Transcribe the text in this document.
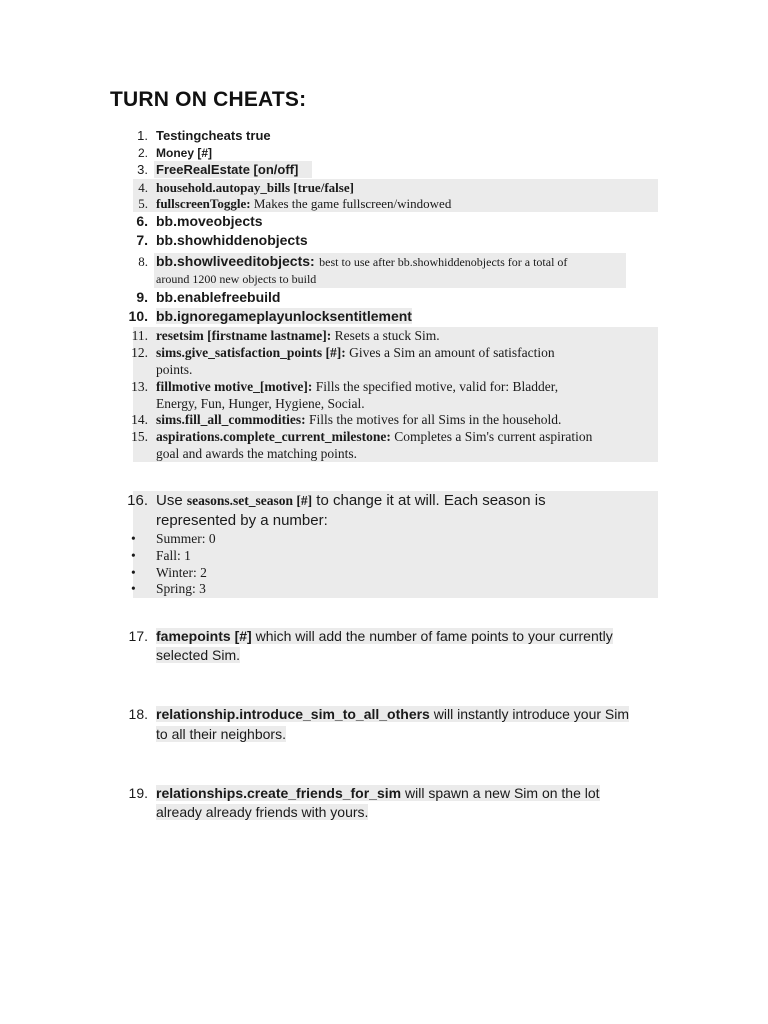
TURN ON CHEATS:
1. Testingcheats true
2. Money [#]
3. FreeRealEstate [on/off]
4. household.autopay_bills [true/false]
5. fullscreenToggle: Makes the game fullscreen/windowed
6. bb.moveobjects
7. bb.showhiddenobjects
8. bb.showliveeditobjects: best to use after bb.showhiddenobjects for a total of
around 1200 new objects to build
9. bb.enablefreebuild
10. bb.ignoregameplayunlocksentitlement
11. resetsim [firstname lastname]: Resets a stuck Sim.
12. sims.give_satisfaction_points [#]: Gives a Sim an amount of satisfaction
points.
13. fillmotive motive_[motive]: Fills the specified motive, valid for: Bladder,
Energy, Fun, Hunger, Hygiene, Social.
14. sims.fill_all_commodities: Fills the motives for all Sims in the household.
15. aspirations.complete_current_milestone: Completes a Sim's current aspiration
goal and awards the matching points.
16. Use seasons.set_season [#] to change it at will. Each season is
represented by a number:
• Summer: 0
• Fall: 1
• Winter: 2
• Spring: 3
17. famepoints [#] which will add the number of fame points to your currently
selected Sim.
18. relationship.introduce_sim_to_all_others will instantly introduce your Sim
to all their neighbors.
19. relationships.create_friends_for_sim will spawn a new Sim on the lot
already already friends with yours.
